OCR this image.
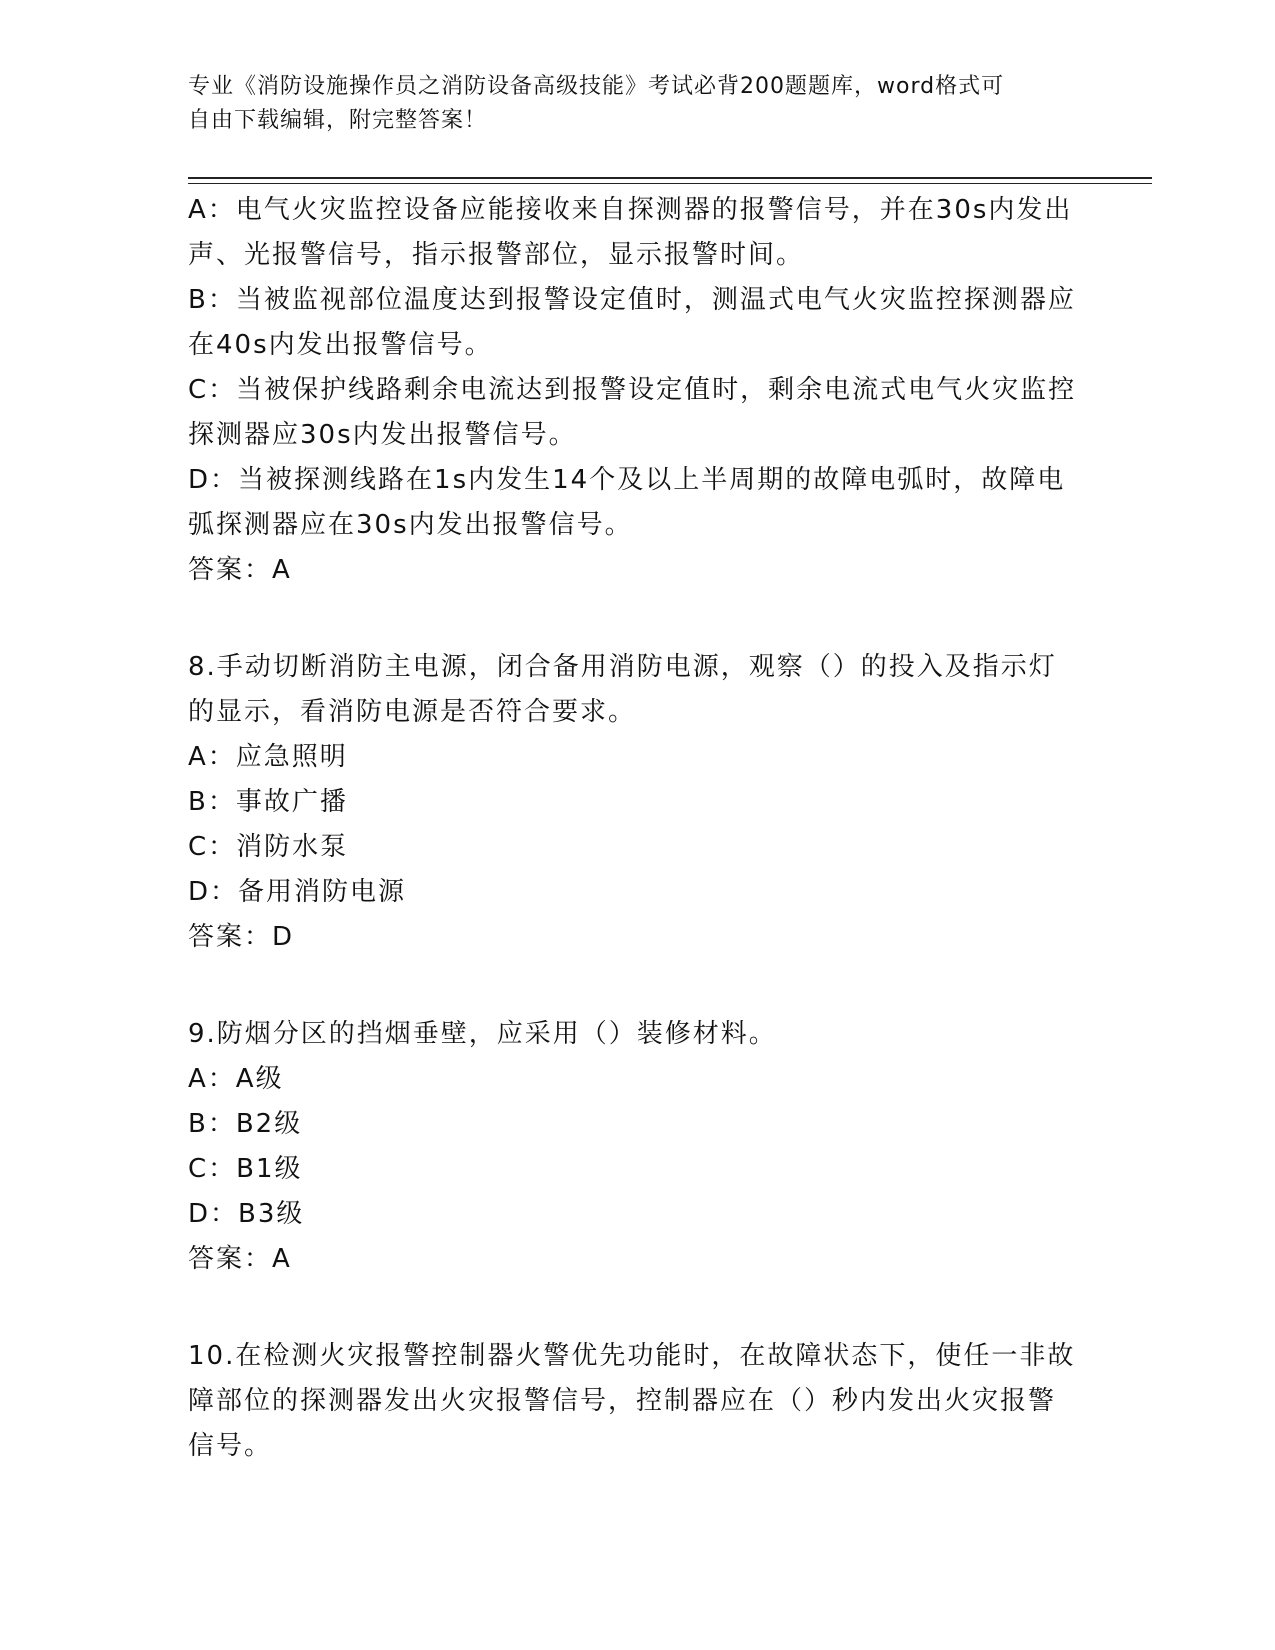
专业《消防设施操作员之消防设备高级技能》考试必背200题题库，word格式可
自由下载编辑，附完整答案！

A：电气火灾监控设备应能接收来自探测器的报警信号，并在30s内发出声、光报警信号，指示报警部位，显示报警时间。

B：当被监视部位温度达到报警设定值时，测温式电气火灾监控探测器应在40s内发出报警信号。

C：当被保护线路剩余电流达到报警设定值时，剩余电流式电气火灾监控探测器应30s内发出报警信号。

D：当被探测线路在1s内发生14个及以上半周期的故障电弧时，故障电弧探测器应在30s内发出报警信号。

答案：A

8.手动切断消防主电源，闭合备用消防电源，观察（）的投入及指示灯的显示，看消防电源是否符合要求。

A：应急照明

B：事故广播

C：消防水泵

D：备用消防电源

答案：D

9.防烟分区的挡烟垂壁，应采用（）装修材料。

A：A级

B：B2级

C：B1级

D：B3级

答案：A

10.在检测火灾报警控制器火警优先功能时，在故障状态下，使任一非故障部位的探测器发出火灾报警信号，控制器应在（）秒内发出火灾报警信号。
